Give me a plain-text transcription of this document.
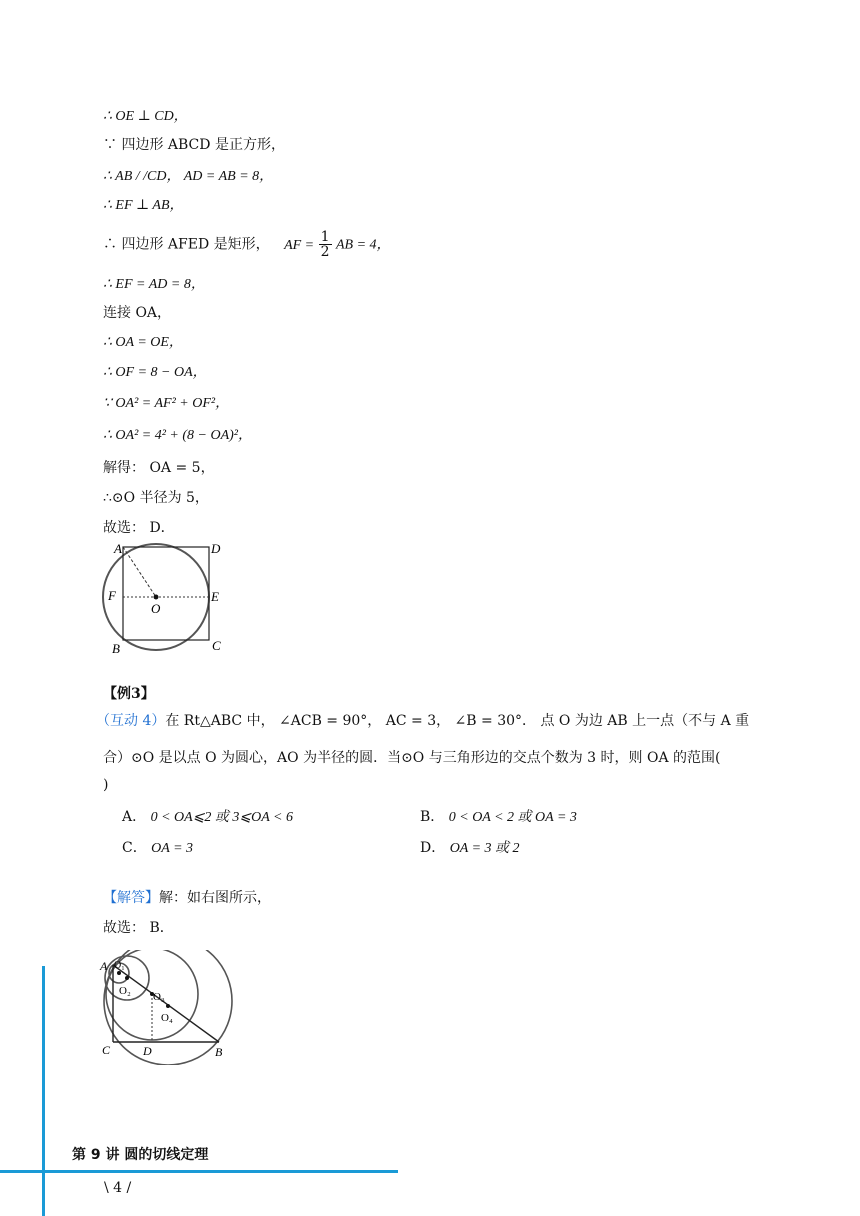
∴ OE ⊥ CD，
∵ 四边形 ABCD 是正方形，
∴ AB / /CD， AD = AB = 8，
∴ EF ⊥ AB，
∴ 四边形 AFED 是矩形， AF = $\frac{1}{2}$ AB = 4，
∴ EF = AD = 8，
连接 OA，
∴ OA = OE，
∴ OF = 8 − OA，
∵ OA² = AF² + OF²，
∴ OA² = 4² + (8 − OA)²，
解得： OA = 5，
∴⊙O 半径为 5，
故选： D．
A	D
F
O
E
B	C
【例3】
（互动 4）在 Rt△ABC 中， ∠ACB = 90°， AC = 3， ∠B = 30°． 点 O 为边 AB 上一点（不与 A 重
合）⊙O 是以点 O 为圆心，AO 为半径的圆．当⊙O 与三角形边的交点个数为 3 时，则 OA 的范围(
)
A． 0 < OA⩽2 或 3⩽OA < 6	B． 0 < OA < 2 或 OA = 3
C． OA = 3	D． OA = 3 或 2
【解答】解：如右图所示，
故选： B．
A O₁
O₂ O₃
O₄
C	D	B
第 9 讲 圆的切线定理
\ 4 /
